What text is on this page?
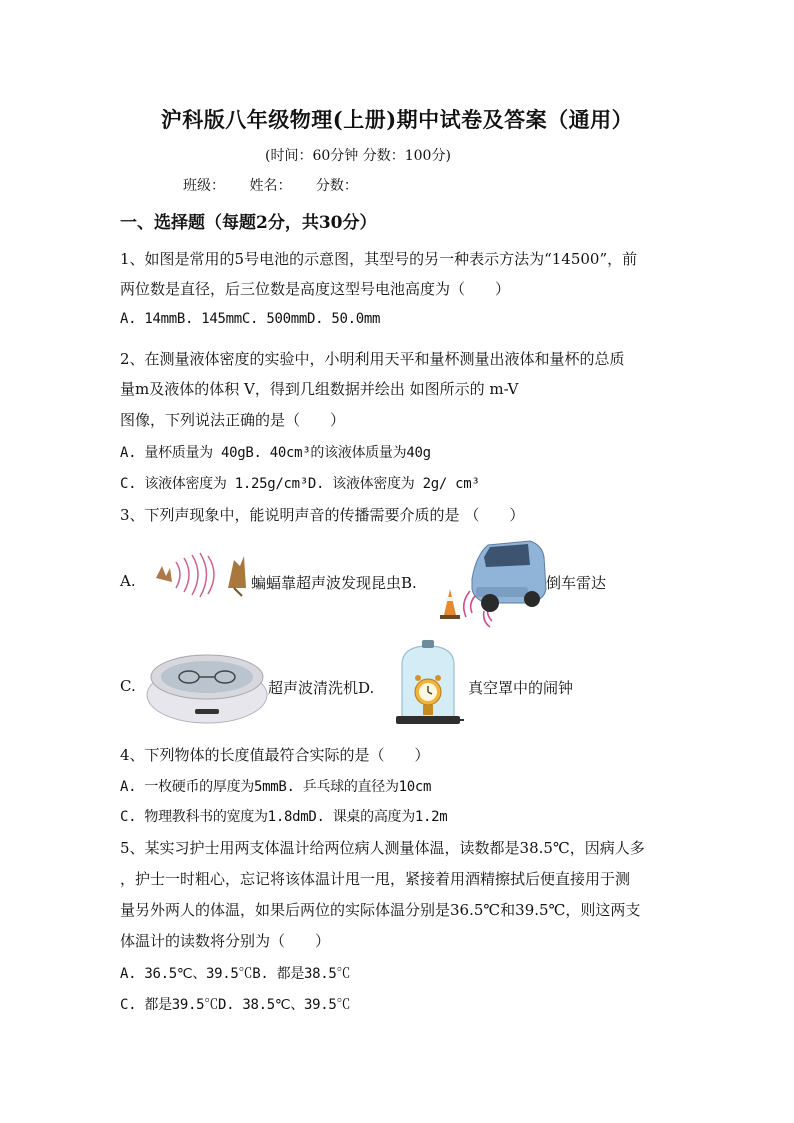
沪科版八年级物理(上册)期中试卷及答案（通用）
(时间：60分钟 分数：100分)
班级： 姓名： 分数：
一、选择题（每题2分，共30分）
1、如图是常用的5号电池的示意图，其型号的另一种表示方法为“14500”，前
两位数是直径，后三位数是高度这型号电池高度为（　　）
A. 14mmB. 145mmC. 500mmD. 50.0mm
2、在测量液体密度的实验中，小明利用天平和量杯测量出液体和量杯的总质
量m及液体的体积 V，得到几组数据并绘出 如图所示的 m-V
图像，下列说法正确的是（　　）
A. 量杯质量为 40gB. 40cm³的该液体质量为40g
C. 该液体密度为 1.25g/cm³D. 该液体密度为 2g/ cm³
3、下列声现象中，能说明声音的传播需要介质的是 （　　）
A.	蝙蝠靠超声波发现昆虫B.	倒车雷达
C.	超声波清洗机D.	真空罩中的闹钟
4、下列物体的长度值最符合实际的是（　　）
A. 一枚硬币的厚度为5mmB. 乒乓球的直径为10cm
C. 物理教科书的宽度为1.8dmD. 课桌的高度为1.2m
5、某实习护士用两支体温计给两位病人测量体温，读数都是38.5℃，因病人多
，护士一时粗心，忘记将该体温计甩一甩，紧接着用酒精擦拭后便直接用于测
量另外两人的体温，如果后两位的实际体温分别是36.5℃和39.5℃，则这两支
体温计的读数将分别为（　　）
A. 36.5℃、39.5℃B. 都是38.5℃
C. 都是39.5℃D. 38.5℃、39.5℃
